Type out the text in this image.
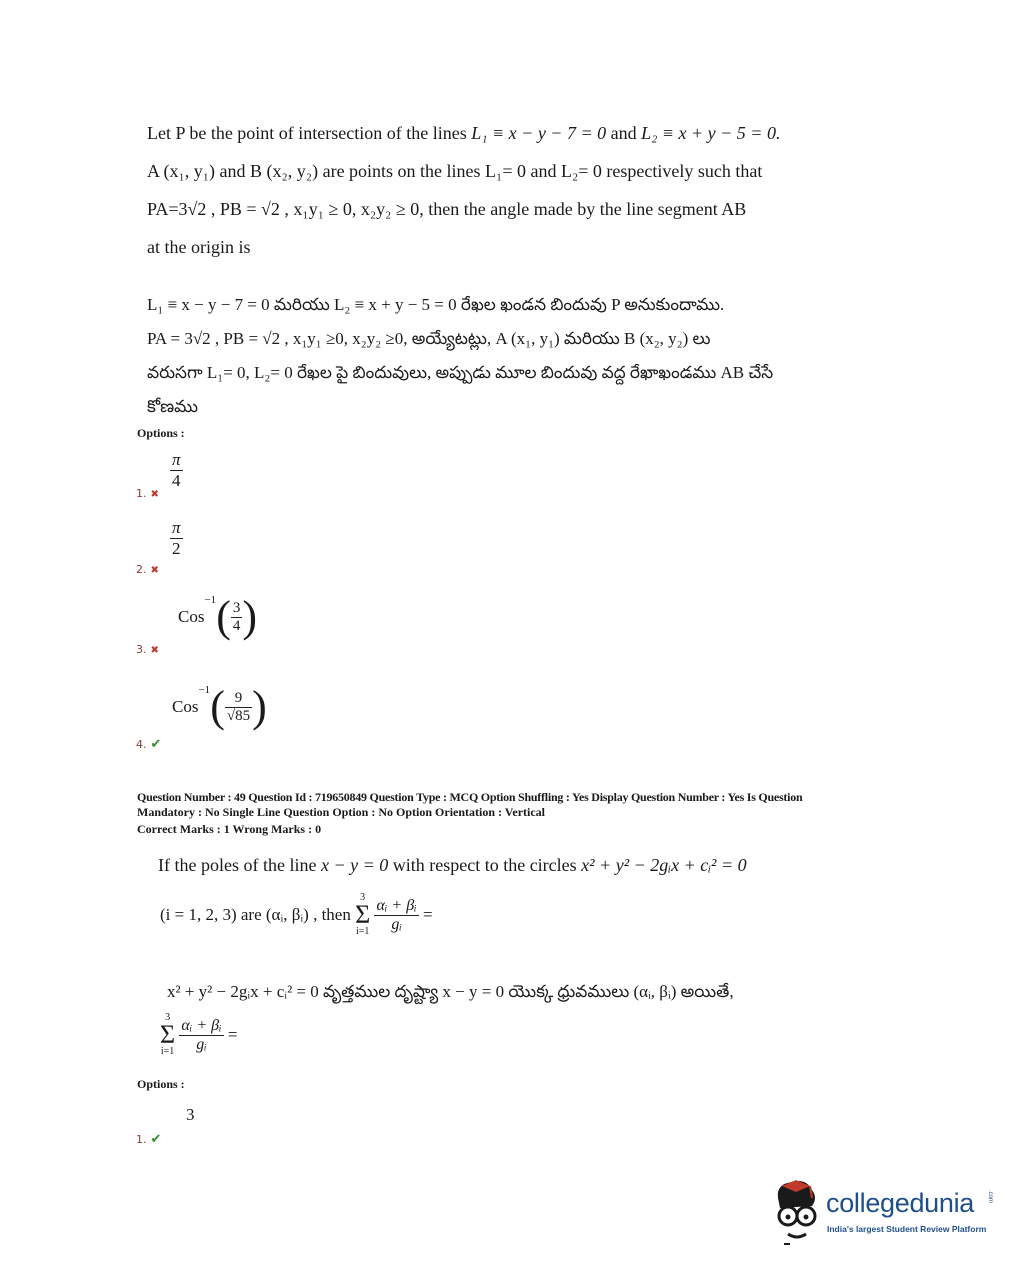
Let P be the point of intersection of the lines L₁ ≡ x − y − 7 = 0 and L₂ ≡ x + y − 5 = 0.
A (x₁, y₁) and B (x₂, y₂) are points on the lines L₁= 0 and L₂= 0 respectively such that
PA=3√2 , PB = √2 , x₁y₁ ≥ 0, x₂y₂ ≥ 0, then the angle made by the line segment AB
at the origin is
L₁ ≡ x − y − 7 = 0 మరియు L₂ ≡ x + y − 5 = 0 రేఖల ఖండన బిందువు P అనుకుందాము.
PA = 3√2 , PB = √2 , x₁y₁ ≥0, x₂y₂ ≥0, అయ్యేటట్లు, A (x₁, y₁) మరియు B (x₂, y₂) లు
వరుసగా L₁= 0, L₂= 0 రేఖల పై బిందువులు, అప్పుడు మూల బిందువు వద్ద రేఖాఖండము AB చేసే
కోణము
Options :
1. ✖
$\frac{\pi}{4}$
2. ✖
$\frac{\pi}{2}$
3. ✖
$Cos^{-1}( \frac{3}{4}$ )
4. ✔
$Cos^{-1}( \frac{9}{√85}$ )
Question Number : 49 Question Id : 719650849 Question Type : MCQ Option Shuffling : Yes Display Question Number : Yes Is Question
Mandatory : No Single Line Question Option : No Option Orientation : Vertical
Correct Marks : 1 Wrong Marks : 0
If the poles of the line x − y = 0 with respect to the circles x² + y² − 2gᵢx + cᵢ² = 0
(i = 1, 2, 3) are (αᵢ, βᵢ) , then
3
Σ
i=1
$\frac{\text{αᵢ + βᵢ}}{\text{gᵢ}}$ =
x² + y² − 2gᵢx + cᵢ² = 0 వృత్తముల దృష్ట్యా x − y = 0 యొక్క ధ్రువములు (αᵢ, βᵢ) అయితే,
3
Σ
i=1
$\frac{\text{αᵢ + βᵢ}}{\text{gᵢ}}$ =
Options :
3
1. ✔
collegedunia .com
India's largest Student Review Platform
